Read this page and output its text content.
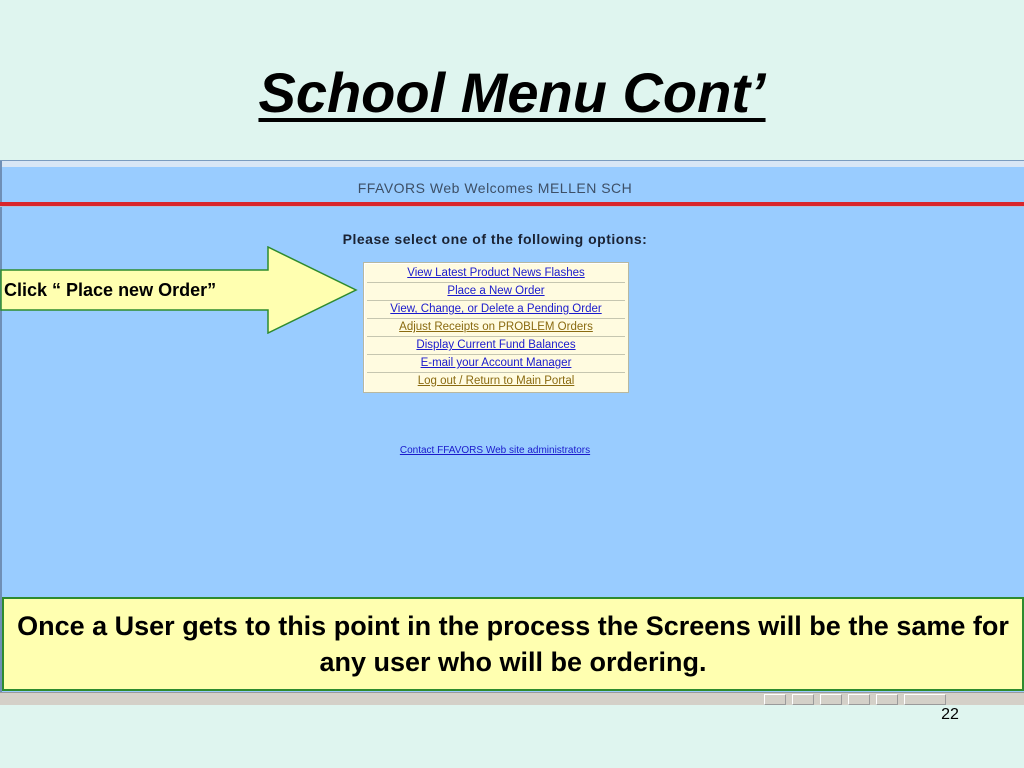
School Menu Cont’
FFAVORS Web Welcomes MELLEN SCH
Please select one of the following options:
View Latest Product News Flashes
Place a New Order
View, Change, or Delete a Pending Order
Adjust Receipts on PROBLEM Orders
Display Current Fund Balances
E-mail your Account Manager
Log out / Return to Main Portal
Contact FFAVORS Web site administrators
Click “ Place new Order”
Once a User gets to this point in the process the Screens will be the same for any user who will be ordering.
22
